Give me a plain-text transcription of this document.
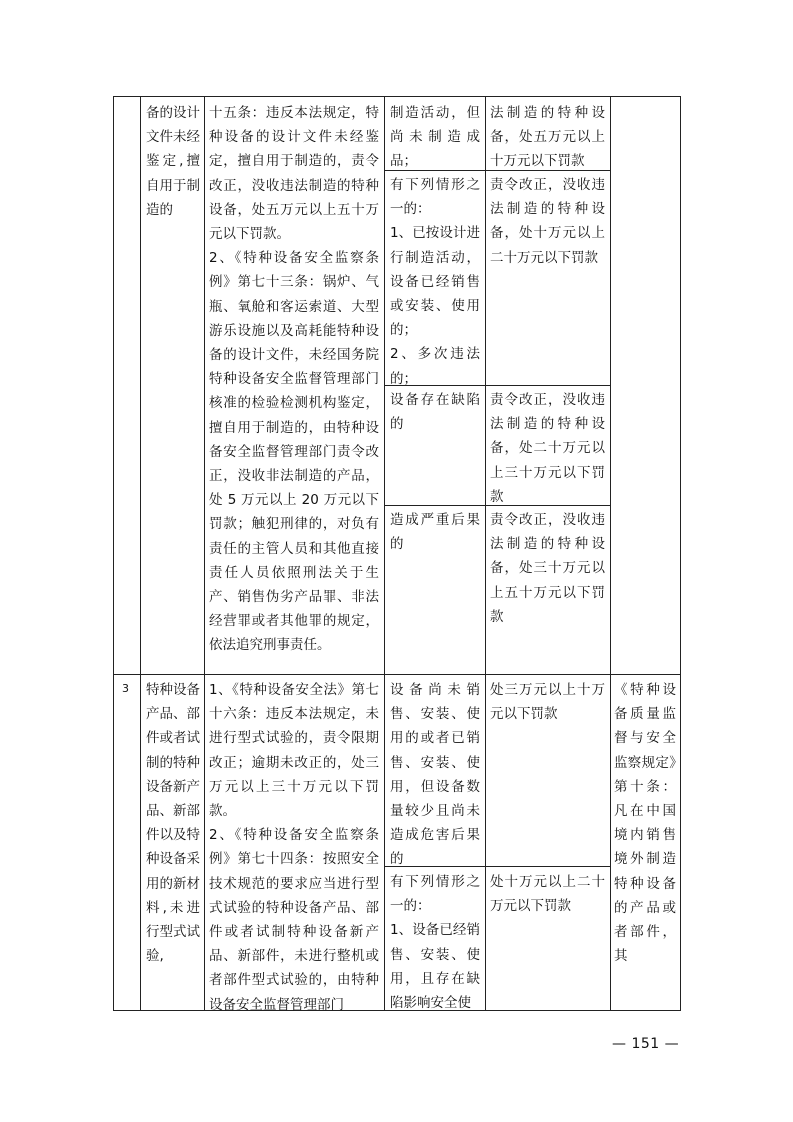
备的设计文件未经鉴定,擅自用于制造的
十五条：违反本法规定，特种设备的设计文件未经鉴定，擅自用于制造的，责令改正，没收违法制造的特种设备，处五万元以上五十万元以下罚款。
2、《特种设备安全监察条例》第七十三条：锅炉、气瓶、氧舱和客运索道、大型游乐设施以及高耗能特种设备的设计文件，未经国务院特种设备安全监督管理部门核准的检验检测机构鉴定，擅自用于制造的，由特种设备安全监督管理部门责令改正，没收非法制造的产品，处 5 万元以上 20 万元以下罚款；触犯刑律的，对负有责任的主管人员和其他直接责任人员依照刑法关于生产、销售伪劣产品罪、非法经营罪或者其他罪的规定，依法追究刑事责任。
制造活动，但尚未制造成品；
法制造的特种设备，处五万元以上十万元以下罚款
有下列情形之一的：
1、已按设计进行制造活动，设备已经销售或安装、使用的；
2、多次违法的；
责令改正，没收违法制造的特种设备，处十万元以上二十万元以下罚款
设备存在缺陷的
责令改正，没收违法制造的特种设备，处二十万元以上三十万元以下罚款
造成严重后果的
责令改正，没收违法制造的特种设备，处三十万元以上五十万元以下罚款
3 特种设备产品、部件或者试制的特种设备新产品、新部件以及特种设备采用的新材料,未进行型式试验,
1、《特种设备安全法》第七十六条：违反本法规定，未进行型式试验的，责令限期改正；逾期未改正的，处三万元以上三十万元以下罚款。
2、《特种设备安全监察条例》第七十四条：按照安全技术规范的要求应当进行型式试验的特种设备产品、部件或者试制特种设备新产品、新部件，未进行整机或者部件型式试验的，由特种设备安全监督管理部门
设备尚未销售、安装、使用的或者已销售、安装、使用，但设备数量较少且尚未造成危害后果的
处三万元以上十万元以下罚款
有下列情形之一的：
1、设备已经销售、安装、使用，且存在缺陷影响安全使
处十万元以上二十万元以下罚款
《特种设备质量监督与安全监察规定》第十条：凡在中国境内销售境外制造特种设备的产品或者部件，其
— 151 —
